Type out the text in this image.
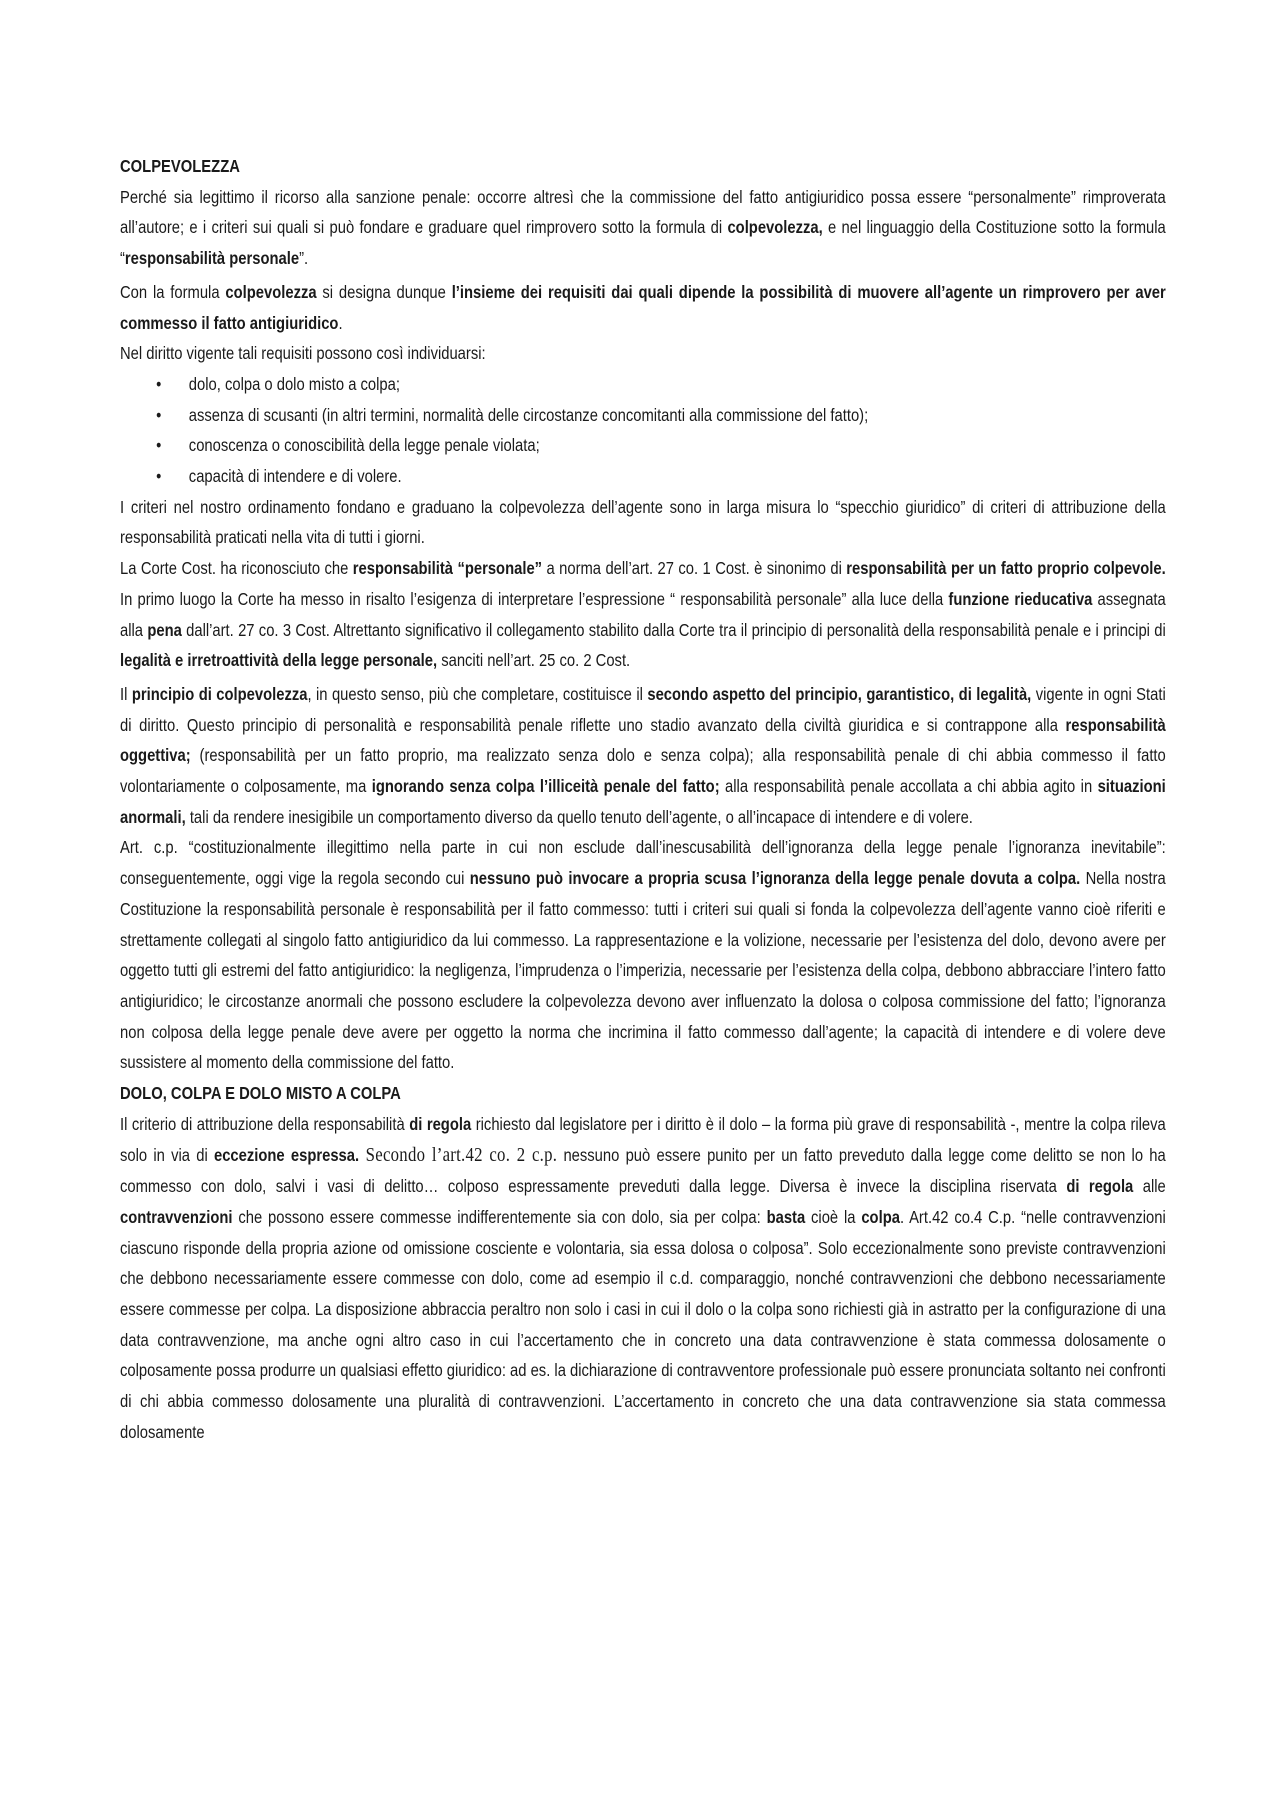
COLPEVOLEZZA

Perché sia legittimo il ricorso alla sanzione penale: occorre altresì che la commissione del fatto antigiuridico possa essere “personalmente” rimproverata all’autore; e i criteri sui quali si può fondare e graduare quel rimprovero sotto la formula di colpevolezza, e nel linguaggio della Costituzione sotto la formula “responsabilità personale”.

Con la formula colpevolezza si designa dunque l’insieme dei requisiti dai quali dipende la possibilità di muovere all’agente un rimprovero per aver commesso il fatto antigiuridico.

Nel diritto vigente tali requisiti possono così individuarsi:

• dolo, colpa o dolo misto a colpa;
• assenza di scusanti (in altri termini, normalità delle circostanze concomitanti alla commissione del fatto);
• conoscenza o conoscibilità della legge penale violata;
• capacità di intendere e di volere.

I criteri nel nostro ordinamento fondano e graduano la colpevolezza dell’agente sono in larga misura lo “specchio giuridico” di criteri di attribuzione della responsabilità praticati nella vita di tutti i giorni.

La Corte Cost. ha riconosciuto che responsabilità “personale” a norma dell’art. 27 co. 1 Cost. è sinonimo di responsabilità per un fatto proprio colpevole. In primo luogo la Corte ha messo in risalto l’esigenza di interpretare l’espressione “ responsabilità personale” alla luce della funzione rieducativa assegnata alla pena dall’art. 27 co. 3 Cost. Altrettanto significativo il collegamento stabilito dalla Corte tra il principio di personalità della responsabilità penale e i principi di legalità e irretroattività della legge personale, sanciti nell’art. 25 co. 2 Cost.

Il principio di colpevolezza, in questo senso, più che completare, costituisce il secondo aspetto del principio, garantistico, di legalità, vigente in ogni Stati di diritto. Questo principio di personalità e responsabilità penale riflette uno stadio avanzato della civiltà giuridica e si contrappone alla responsabilità oggettiva; (responsabilità per un fatto proprio, ma realizzato senza dolo e senza colpa); alla responsabilità penale di chi abbia commesso il fatto volontariamente o colposamente, ma ignorando senza colpa l’illiceità penale del fatto; alla responsabilità penale accollata a chi abbia agito in situazioni anormali, tali da rendere inesigibile un comportamento diverso da quello tenuto dell’agente, o all’incapace di intendere e di volere.

Art. c.p. “costituzionalmente illegittimo nella parte in cui non esclude dall’inescusabilità dell’ignoranza della legge penale l’ignoranza inevitabile”: conseguentemente, oggi vige la regola secondo cui nessuno può invocare a propria scusa l’ignoranza della legge penale dovuta a colpa. Nella nostra Costituzione la responsabilità personale è responsabilità per il fatto commesso: tutti i criteri sui quali si fonda la colpevolezza dell’agente vanno cioè riferiti e strettamente collegati al singolo fatto antigiuridico da lui commesso. La rappresentazione e la volizione, necessarie per l’esistenza del dolo, devono avere per oggetto tutti gli estremi del fatto antigiuridico: la negligenza, l’imprudenza o l’imperizia, necessarie per l’esistenza della colpa, debbono abbracciare l’intero fatto antigiuridico; le circostanze anormali che possono escludere la colpevolezza devono aver influenzato la dolosa o colposa commissione del fatto; l’ignoranza non colposa della legge penale deve avere per oggetto la norma che incrimina il fatto commesso dall’agente; la capacità di intendere e di volere deve sussistere al momento della commissione del fatto.

DOLO, COLPA E DOLO MISTO A COLPA

Il criterio di attribuzione della responsabilità di regola richiesto dal legislatore per i diritto è il dolo – la forma più grave di responsabilità -, mentre la colpa rileva solo in via di eccezione espressa. Secondo l’art.42 co. 2 c.p. nessuno può essere punito per un fatto preveduto dalla legge come delitto se non lo ha commesso con dolo, salvi i vasi di delitto… colposo espressamente preveduti dalla legge. Diversa è invece la disciplina riservata di regola alle contravvenzioni che possono essere commesse indifferentemente sia con dolo, sia per colpa: basta cioè la colpa. Art.42 co.4 C.p. “nelle contravvenzioni ciascuno risponde della propria azione od omissione cosciente e volontaria, sia essa dolosa o colposa”. Solo eccezionalmente sono previste contravvenzioni che debbono necessariamente essere commesse con dolo, come ad esempio il c.d. comparaggio, nonché contravvenzioni che debbono necessariamente essere commesse per colpa. La disposizione abbraccia peraltro non solo i casi in cui il dolo o la colpa sono richiesti già in astratto per la configurazione di una data contravvenzione, ma anche ogni altro caso in cui l’accertamento che in concreto una data contravvenzione è stata commessa dolosamente o colposamente possa produrre un qualsiasi effetto giuridico: ad es. la dichiarazione di contravventore professionale può essere pronunciata soltanto nei confronti di chi abbia commesso dolosamente una pluralità di contravvenzioni. L’accertamento in concreto che una data contravvenzione sia stata commessa dolosamente
